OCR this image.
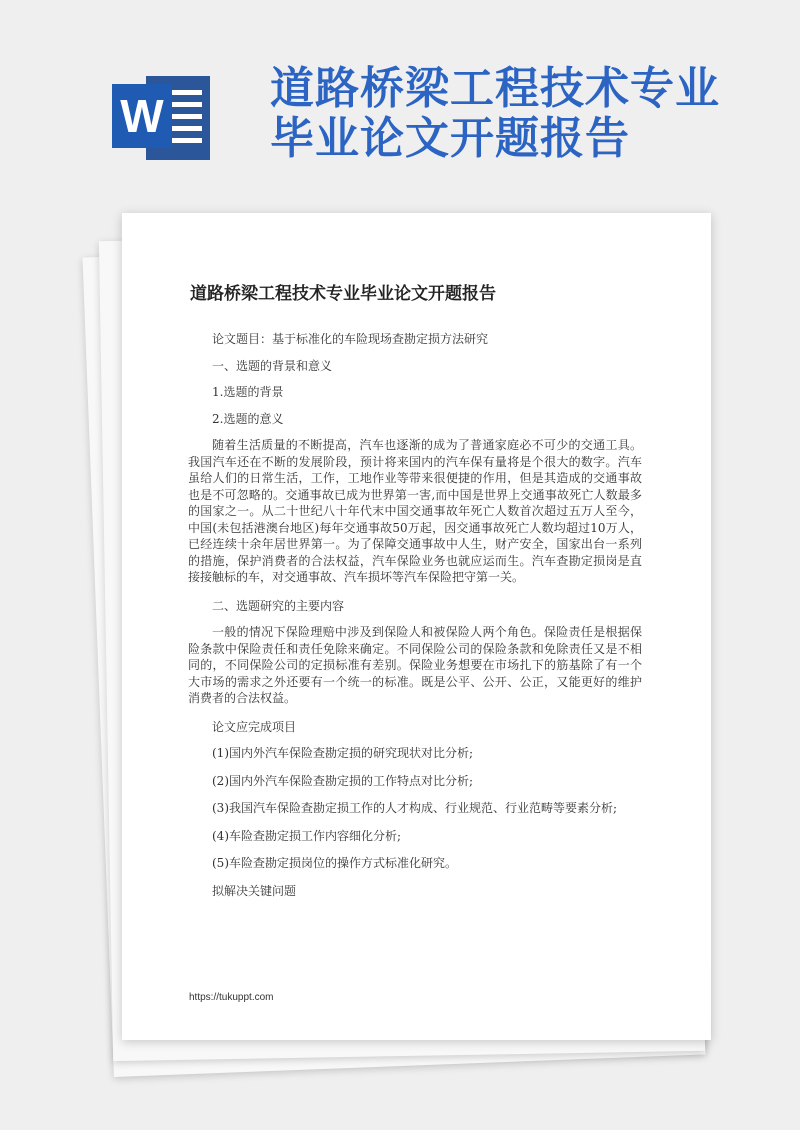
W
道路桥梁工程技术专业
毕业论文开题报告
道路桥梁工程技术专业毕业论文开题报告

论文题目：基于标准化的车险现场查勘定损方法研究

一、选题的背景和意义

1.选题的背景

2.选题的意义

随着生活质量的不断提高，汽车也逐渐的成为了普通家庭必不可少的交通工具。我国汽车还在不断的发展阶段，预计将来国内的汽车保有量将是个很大的数字。汽车虽给人们的日常生活，工作，工地作业等带来很便捷的作用，但是其造成的交通事故也是不可忽略的。交通事故已成为世界第一害,而中国是世界上交通事故死亡人数最多的国家之一。从二十世纪八十年代末中国交通事故年死亡人数首次超过五万人至今，中国(未包括港澳台地区)每年交通事故50万起，因交通事故死亡人数均超过10万人，已经连续十余年居世界第一。为了保障交通事故中人生，财产安全，国家出台一系列的措施，保护消费者的合法权益，汽车保险业务也就应运而生。汽车查勘定损岗是直接接触标的车，对交通事故、汽车损坏等汽车保险把守第一关。

二、选题研究的主要内容

一般的情况下保险理赔中涉及到保险人和被保险人两个角色。保险责任是根据保险条款中保险责任和责任免除来确定。不同保险公司的保险条款和免除责任又是不相同的，不同保险公司的定损标准有差别。保险业务想要在市场扎下的筋基除了有一个大市场的需求之外还要有一个统一的标准。既是公平、公开、公正，又能更好的维护消费者的合法权益。

论文应完成项目

(1)国内外汽车保险查勘定损的研究现状对比分析;

(2)国内外汽车保险查勘定损的工作特点对比分析;

(3)我国汽车保险查勘定损工作的人才构成、行业规范、行业范畴等要素分析;

(4)车险查勘定损工作内容细化分析;

(5)车险查勘定损岗位的操作方式标准化研究。

拟解决关键问题

https://tukuppt.com
